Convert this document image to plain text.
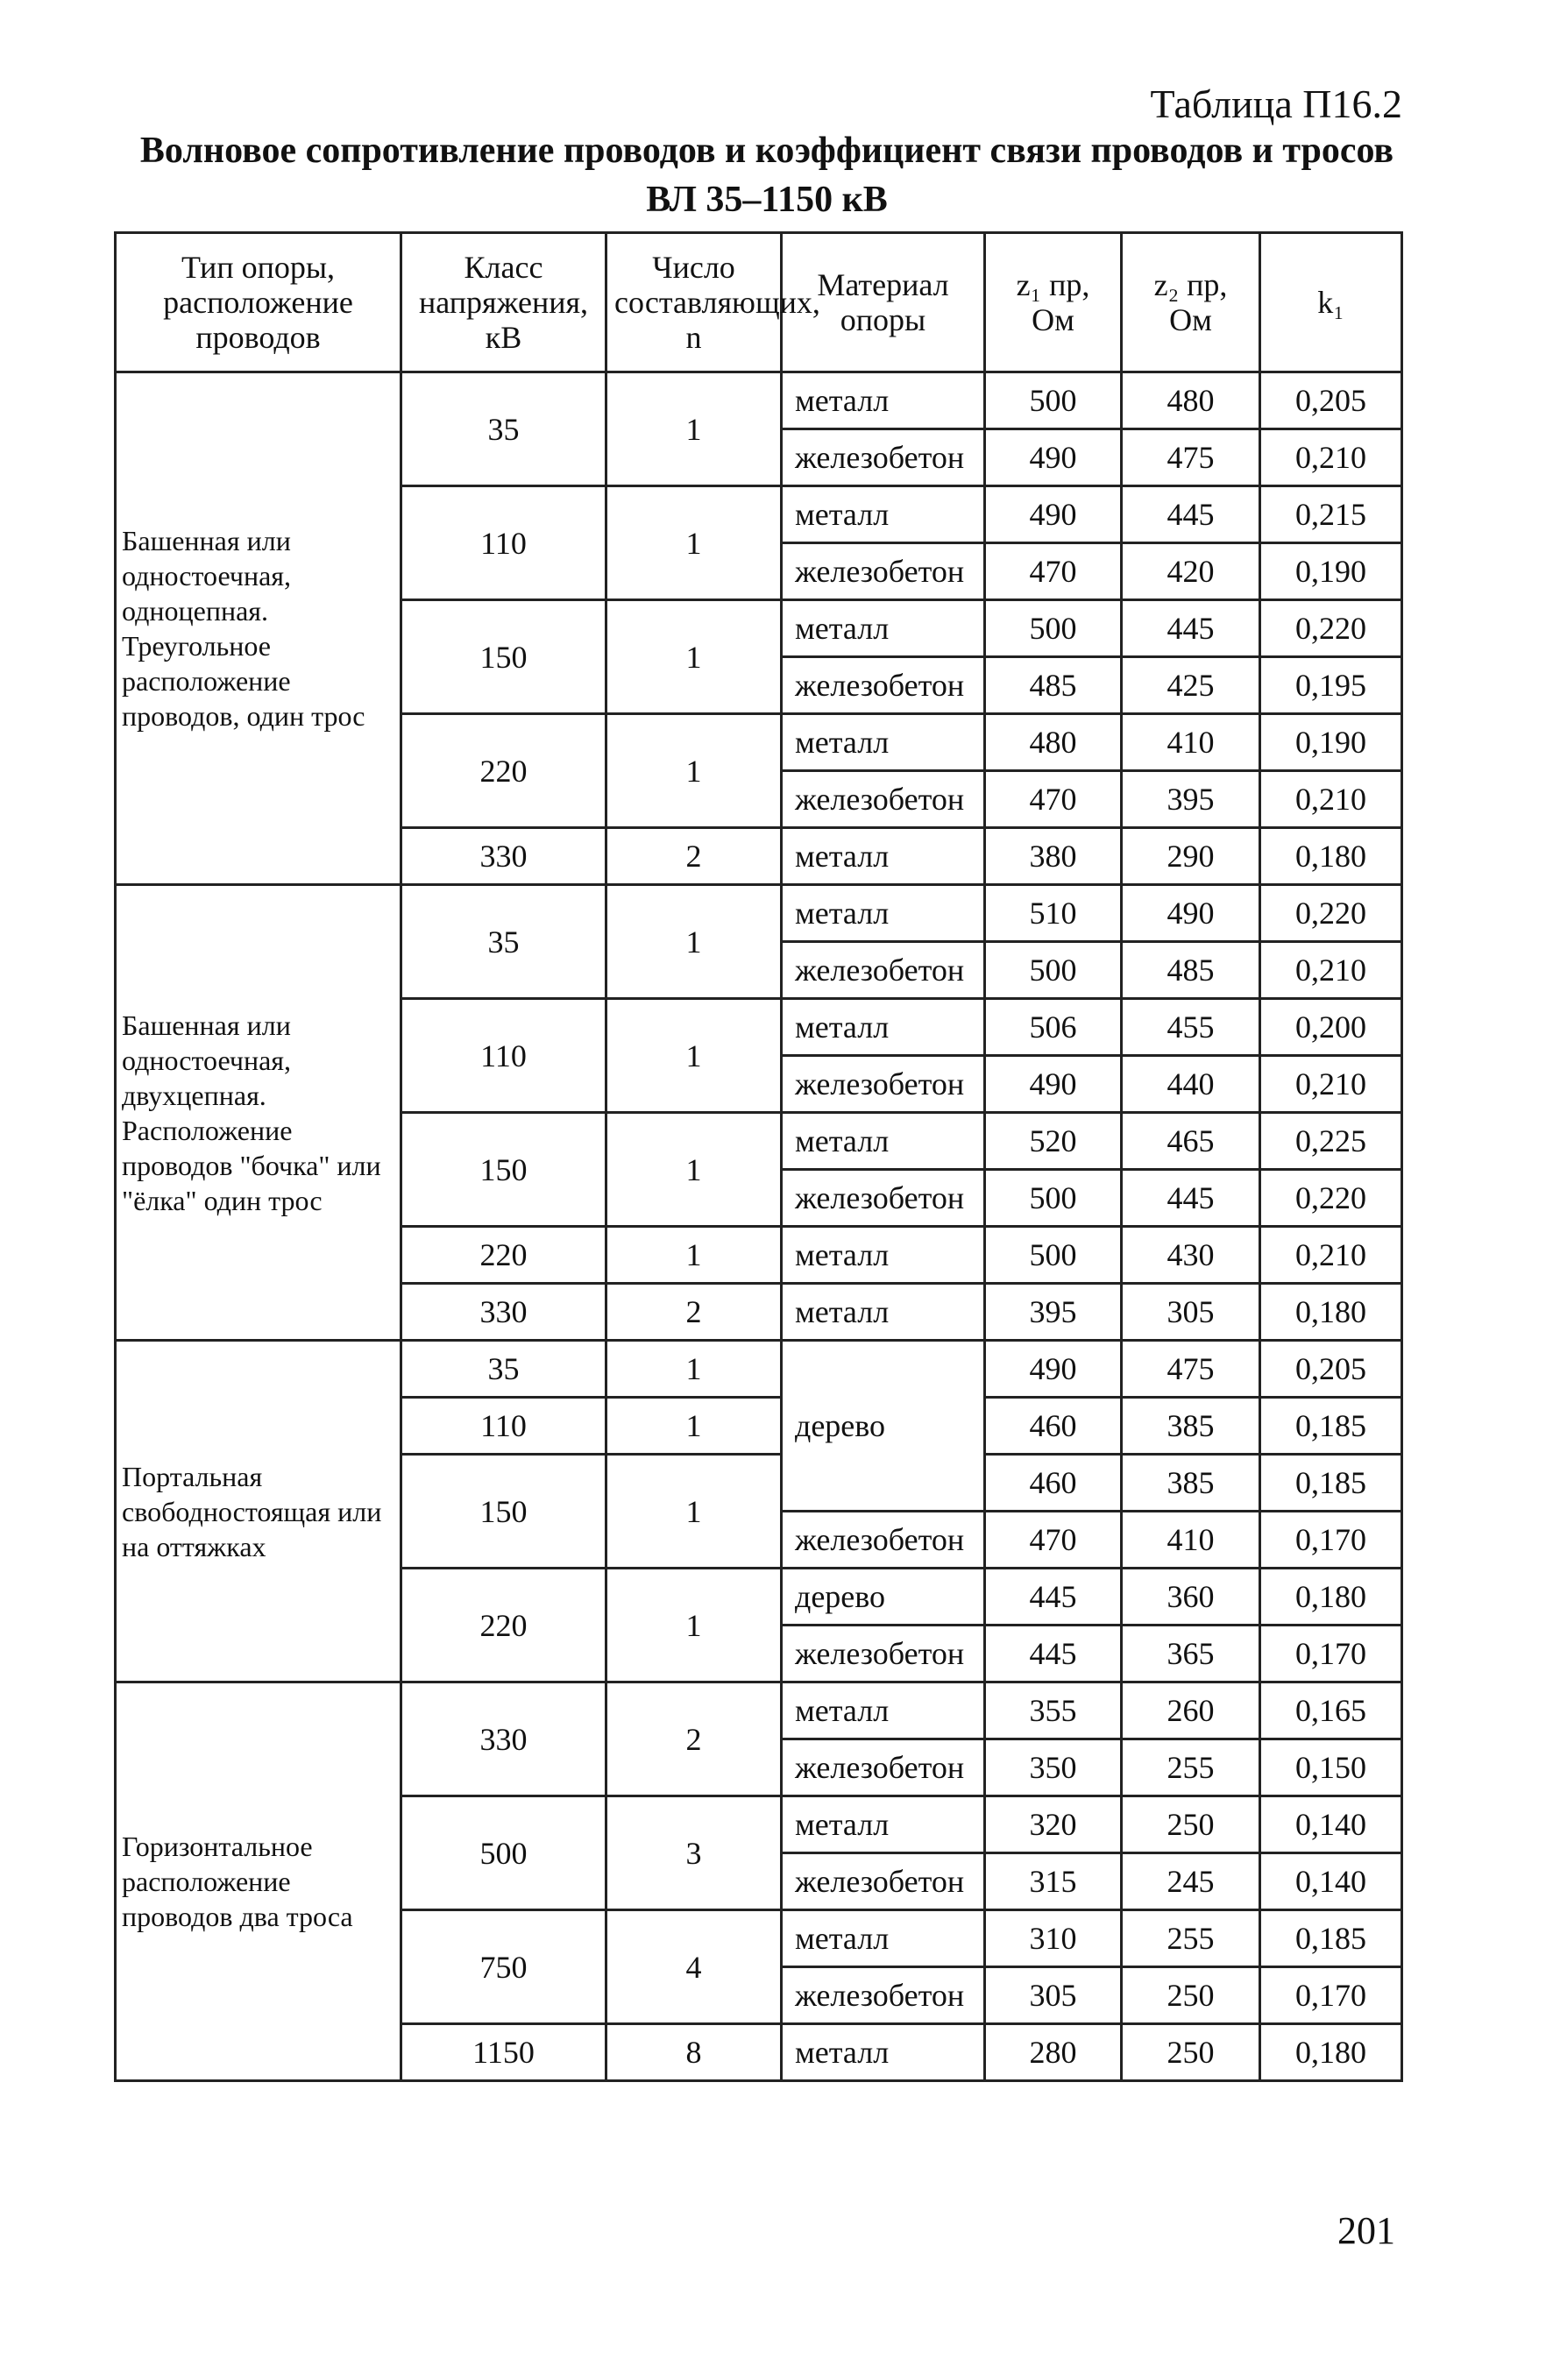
Таблица П16.2
Волновое сопротивление проводов и коэффициент связи проводов и тросов
ВЛ 35–1150 кВ
Тип опоры, расположение проводов	Класс напряжения, кВ	Число составляющих, n	Материал опоры	z₁ пр, Ом	z₂ пр, Ом	k₁
Башенная или одностоечная, одноцепная. Треугольное расположение проводов, один трос	35	1	металл	500	480	0,205
			железобетон	490	475	0,210
	110	1	металл	490	445	0,215
			железобетон	470	420	0,190
	150	1	металл	500	445	0,220
			железобетон	485	425	0,195
	220	1	металл	480	410	0,190
			железобетон	470	395	0,210
	330	2	металл	380	290	0,180
Башенная или одностоечная, двухцепная. Расположение проводов "бочка" или "ёлка" один трос	35	1	металл	510	490	0,220
			железобетон	500	485	0,210
	110	1	металл	506	455	0,200
			железобетон	490	440	0,210
	150	1	металл	520	465	0,225
			железобетон	500	445	0,220
	220	1	металл	500	430	0,210
	330	2	металл	395	305	0,180
Портальная свободностоящая или на оттяжках	35	1	дерево	490	475	0,205
	110	1		460	385	0,185
	150	1		460	385	0,185
			железобетон	470	410	0,170
	220	1	дерево	445	360	0,180
			железобетон	445	365	0,170
Горизонтальное расположение проводов два троса	330	2	металл	355	260	0,165
			железобетон	350	255	0,150
	500	3	металл	320	250	0,140
			железобетон	315	245	0,140
	750	4	металл	310	255	0,185
			железобетон	305	250	0,170
	1150	8	металл	280	250	0,180
201
